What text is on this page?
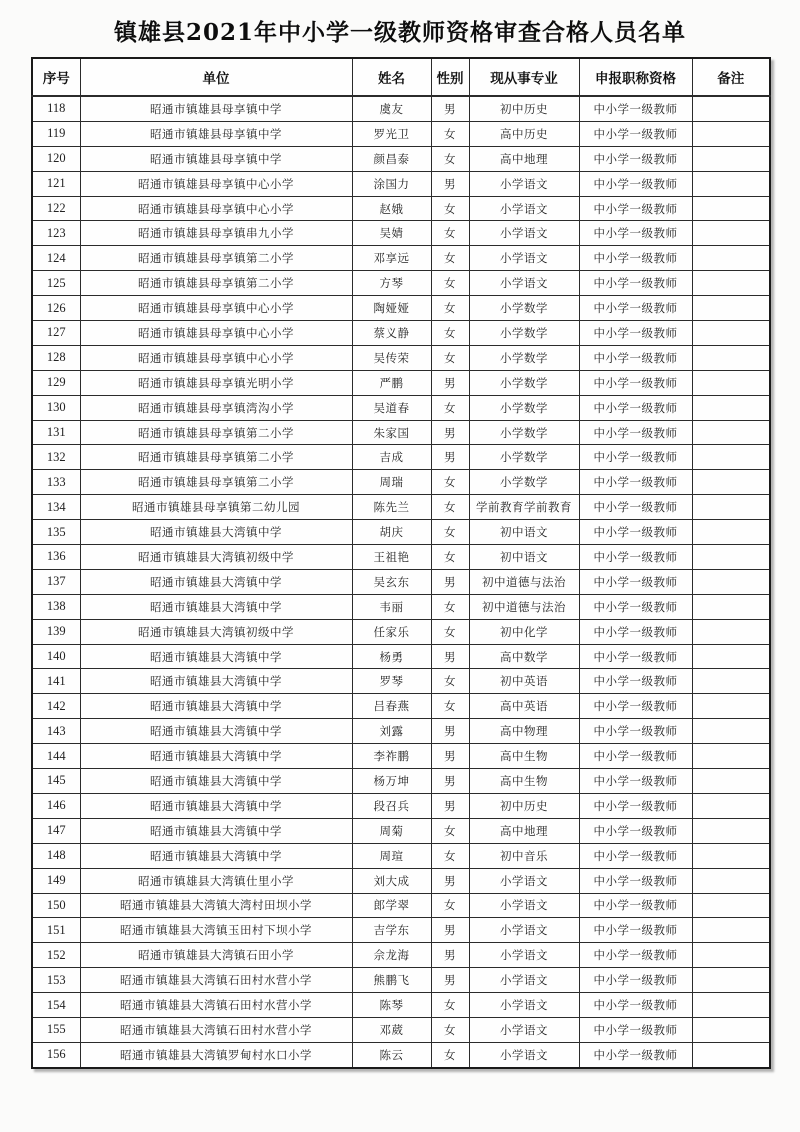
镇雄县2021年中小学一级教师资格审查合格人员名单
序号	单位	姓名	性别	现从事专业	申报职称资格	备注
118	昭通市镇雄县母享镇中学	虞友	男	初中历史	中小学一级教师	
119	昭通市镇雄县母享镇中学	罗光卫	女	高中历史	中小学一级教师	
120	昭通市镇雄县母享镇中学	颜昌泰	女	高中地理	中小学一级教师	
121	昭通市镇雄县母享镇中心小学	涂国力	男	小学语文	中小学一级教师	
122	昭通市镇雄县母享镇中心小学	赵娥	女	小学语文	中小学一级教师	
123	昭通市镇雄县母享镇串九小学	吴婧	女	小学语文	中小学一级教师	
124	昭通市镇雄县母享镇第二小学	邓享远	女	小学语文	中小学一级教师	
125	昭通市镇雄县母享镇第二小学	方琴	女	小学语文	中小学一级教师	
126	昭通市镇雄县母享镇中心小学	陶娅娅	女	小学数学	中小学一级教师	
127	昭通市镇雄县母享镇中心小学	蔡义静	女	小学数学	中小学一级教师	
128	昭通市镇雄县母享镇中心小学	吴传荣	女	小学数学	中小学一级教师	
129	昭通市镇雄县母享镇光明小学	严鹏	男	小学数学	中小学一级教师	
130	昭通市镇雄县母享镇湾沟小学	吴道春	女	小学数学	中小学一级教师	
131	昭通市镇雄县母享镇第二小学	朱家国	男	小学数学	中小学一级教师	
132	昭通市镇雄县母享镇第二小学	吉成	男	小学数学	中小学一级教师	
133	昭通市镇雄县母享镇第二小学	周瑞	女	小学数学	中小学一级教师	
134	昭通市镇雄县母享镇第二幼儿园	陈先兰	女	学前教育学前教育	中小学一级教师	
135	昭通市镇雄县大湾镇中学	胡庆	女	初中语文	中小学一级教师	
136	昭通市镇雄县大湾镇初级中学	王祖艳	女	初中语文	中小学一级教师	
137	昭通市镇雄县大湾镇中学	吴玄东	男	初中道德与法治	中小学一级教师	
138	昭通市镇雄县大湾镇中学	韦丽	女	初中道德与法治	中小学一级教师	
139	昭通市镇雄县大湾镇初级中学	任家乐	女	初中化学	中小学一级教师	
140	昭通市镇雄县大湾镇中学	杨勇	男	高中数学	中小学一级教师	
141	昭通市镇雄县大湾镇中学	罗琴	女	初中英语	中小学一级教师	
142	昭通市镇雄县大湾镇中学	吕春燕	女	高中英语	中小学一级教师	
143	昭通市镇雄县大湾镇中学	刘露	男	高中物理	中小学一级教师	
144	昭通市镇雄县大湾镇中学	李祚鹏	男	高中生物	中小学一级教师	
145	昭通市镇雄县大湾镇中学	杨万坤	男	高中生物	中小学一级教师	
146	昭通市镇雄县大湾镇中学	段召兵	男	初中历史	中小学一级教师	
147	昭通市镇雄县大湾镇中学	周菊	女	高中地理	中小学一级教师	
148	昭通市镇雄县大湾镇中学	周瑄	女	初中音乐	中小学一级教师	
149	昭通市镇雄县大湾镇仕里小学	刘大成	男	小学语文	中小学一级教师	
150	昭通市镇雄县大湾镇大湾村田坝小学	郎学翠	女	小学语文	中小学一级教师	
151	昭通市镇雄县大湾镇玉田村下坝小学	吉学东	男	小学语文	中小学一级教师	
152	昭通市镇雄县大湾镇石田小学	佘龙海	男	小学语文	中小学一级教师	
153	昭通市镇雄县大湾镇石田村水营小学	熊鹏飞	男	小学语文	中小学一级教师	
154	昭通市镇雄县大湾镇石田村水营小学	陈琴	女	小学语文	中小学一级教师	
155	昭通市镇雄县大湾镇石田村水营小学	邓葳	女	小学语文	中小学一级教师	
156	昭通市镇雄县大湾镇罗甸村水口小学	陈云	女	小学语文	中小学一级教师	
